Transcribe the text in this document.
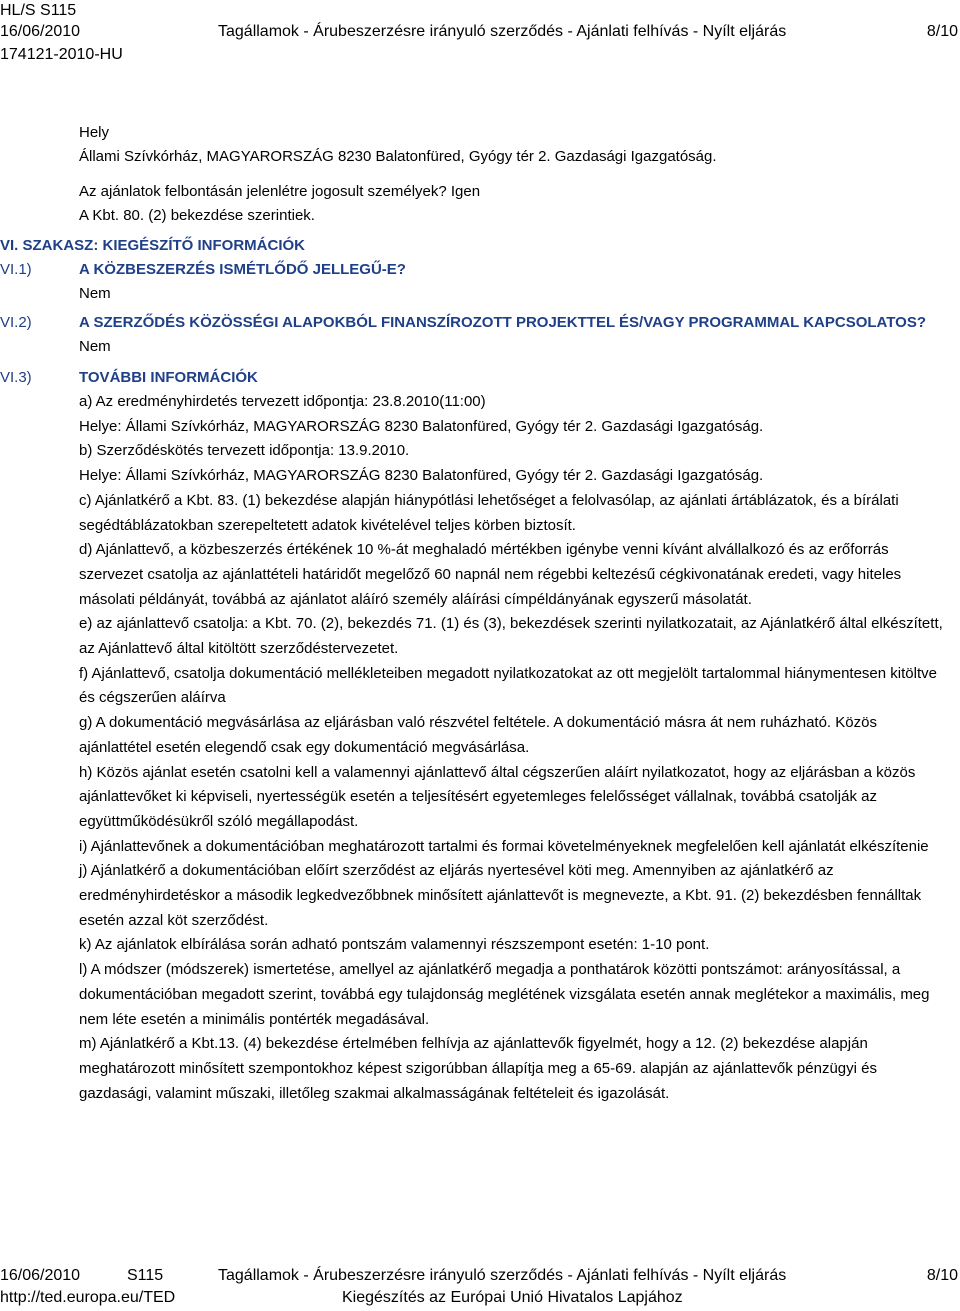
HL/S S115
16/06/2010	Tagállamok - Árubeszerzésre irányuló szerződés - Ajánlati felhívás - Nyílt eljárás	8/10
174121-2010-HU
Hely
Állami Szívkórház, MAGYARORSZÁG 8230 Balatonfüred, Gyógy tér 2. Gazdasági Igazgatóság.
Az ajánlatok felbontásán jelenlétre jogosult személyek? Igen
A Kbt. 80. (2) bekezdése szerintiek.
VI. SZAKASZ: KIEGÉSZÍTŐ INFORMÁCIÓK
VI.1)	A KÖZBESZERZÉS ISMÉTLŐDŐ JELLEGŰ-E?
Nem
VI.2)	A SZERZŐDÉS KÖZÖSSÉGI ALAPOKBÓL FINANSZÍROZOTT PROJEKTTEL ÉS/VAGY PROGRAMMAL KAPCSOLATOS?
Nem
VI.3)	TOVÁBBI INFORMÁCIÓK
a) Az eredményhirdetés tervezett időpontja: 23.8.2010(11:00)
Helye: Állami Szívkórház, MAGYARORSZÁG 8230 Balatonfüred, Gyógy tér 2. Gazdasági Igazgatóság.
b) Szerződéskötés tervezett időpontja: 13.9.2010.
Helye: Állami Szívkórház, MAGYARORSZÁG 8230 Balatonfüred, Gyógy tér 2. Gazdasági Igazgatóság.
c) Ajánlatkérő a Kbt. 83. (1) bekezdése alapján hiánypótlási lehetőséget a felolvasólap, az ajánlati ártáblázatok, és a bírálati segédtáblázatokban szerepeltetett adatok kivételével teljes körben biztosít.
d) Ajánlattevő, a közbeszerzés értékének 10 %-át meghaladó mértékben igénybe venni kívánt alvállalkozó és az erőforrás szervezet csatolja az ajánlattételi határidőt megelőző 60 napnál nem régebbi keltezésű cégkivonatának eredeti, vagy hiteles másolati példányát, továbbá az ajánlatot aláíró személy aláírási címpéldányának egyszerű másolatát.
e) az ajánlattevő csatolja: a Kbt. 70. (2), bekezdés 71. (1) és (3), bekezdések szerinti nyilatkozatait, az Ajánlatkérő által elkészített, az Ajánlattevő által kitöltött szerződéstervezetet.
f) Ajánlattevő, csatolja dokumentáció mellékleteiben megadott nyilatkozatokat az ott megjelölt tartalommal hiánymentesen kitöltve és cégszerűen aláírva
g) A dokumentáció megvásárlása az eljárásban való részvétel feltétele. A dokumentáció másra át nem ruházható. Közös ajánlattétel esetén elegendő csak egy dokumentáció megvásárlása.
h) Közös ajánlat esetén csatolni kell a valamennyi ajánlattevő által cégszerűen aláírt nyilatkozatot, hogy az eljárásban a közös ajánlattevőket ki képviseli, nyertességük esetén a teljesítésért egyetemleges felelősséget vállalnak, továbbá csatolják az együttműködésükről szóló megállapodást.
i) Ajánlattevőnek a dokumentációban meghatározott tartalmi és formai követelményeknek megfelelően kell ajánlatát elkészítenie
j) Ajánlatkérő a dokumentációban előírt szerződést az eljárás nyertesével köti meg. Amennyiben az ajánlatkérő az eredményhirdetéskor a második legkedvezőbbnek minősített ajánlattevőt is megnevezte, a Kbt. 91. (2) bekezdésben fennálltak esetén azzal köt szerződést.
k) Az ajánlatok elbírálása során adható pontszám valamennyi részszempont esetén: 1-10 pont.
l) A módszer (módszerek) ismertetése, amellyel az ajánlatkérő megadja a ponthatárok közötti pontszámot: arányosítással, a dokumentációban megadott szerint, továbbá egy tulajdonság meglétének vizsgálata esetén annak meglétekor a maximális, meg nem léte esetén a minimális pontérték megadásával.
m) Ajánlatkérő a Kbt.13. (4) bekezdése értelmében felhívja az ajánlattevők figyelmét, hogy a 12. (2) bekezdése alapján meghatározott minősített szempontokhoz képest szigorúbban állapítja meg a 65-69. alapján az ajánlattevők pénzügyi és gazdasági, valamint műszaki, illetőleg szakmai alkalmasságának feltételeit és igazolását.
16/06/2010	S115	Tagállamok - Árubeszerzésre irányuló szerződés - Ajánlati felhívás - Nyílt eljárás	8/10
http://ted.europa.eu/TED	Kiegészítés az Európai Unió Hivatalos Lapjához
